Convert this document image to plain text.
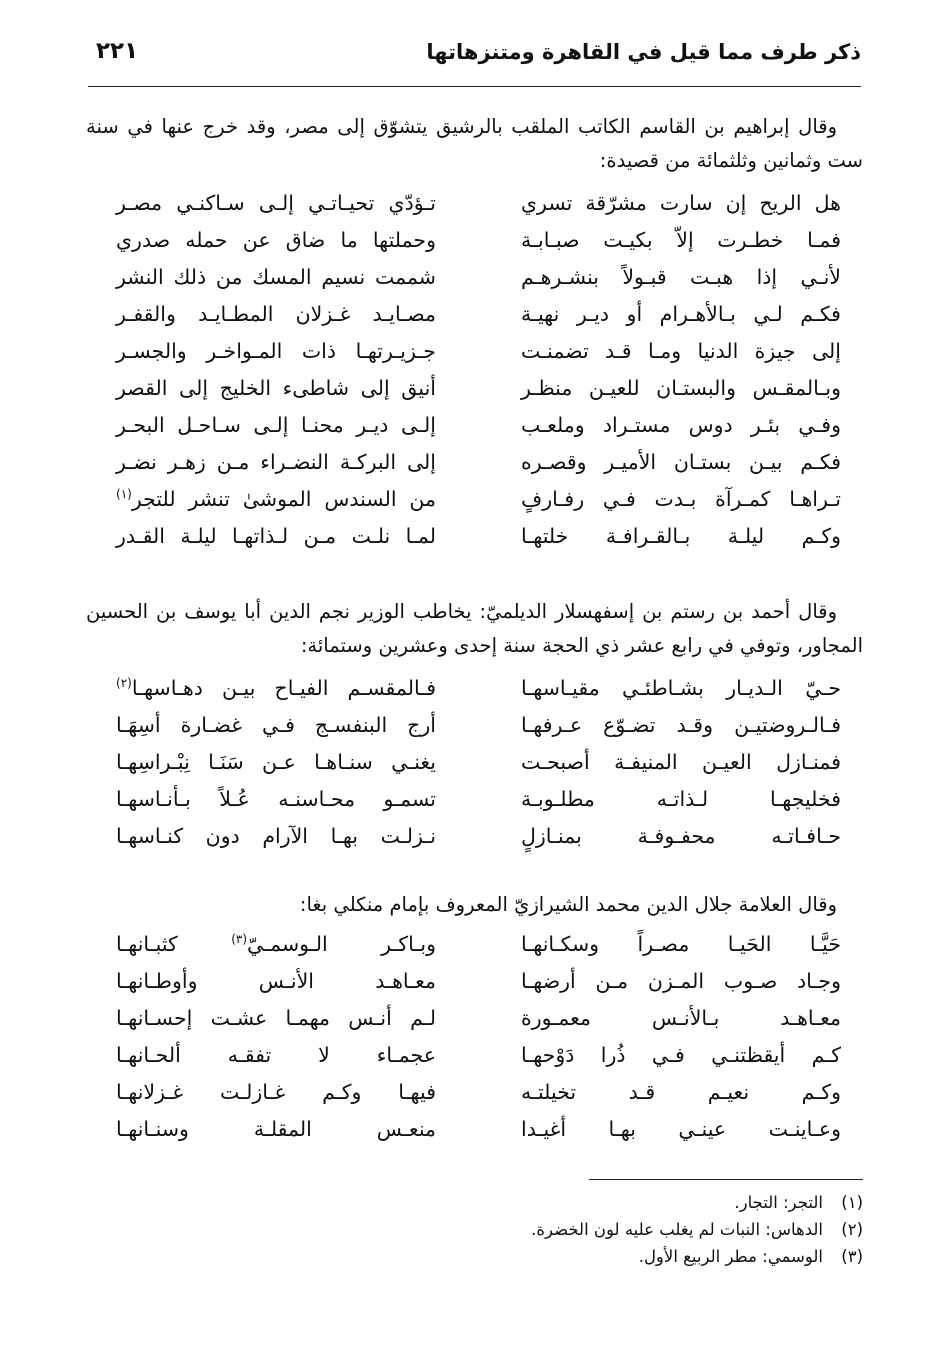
ذكر طرف مما قيل في القاهرة ومتنزهاتها
٢٢١
وقال إبراهيم بن القاسم الكاتب الملقب بالرشيق يتشوّق إلى مصر، وقد خرج عنها في سنة ست وثمانين وثلثمائة من قصيدة:
هل الريح إن سارت مشرّقة تسري
تـؤدّي تحيـاتـي إلـى سـاكنـي مصـر
فمـا خطـرت إلاّ بكيـت صبـابـة
وحملتها ما ضاق عن حمله صدري
لأنـي إذا هبـت قبـولاً بنشـرهـم
شممت نسيم المسك من ذلك النشر
فكـم لـي بـالأهـرام أو ديـر نهيـة
مصـايـد غـزلان المطـايـد والقفـر
إلى جيزة الدنيا ومـا قـد تضمنـت
جـزيـرتهـا ذات المـواخـر والجسـر
وبـالمقـس والبستـان للعيـن منظـر
أنيق إلى شاطىء الخليج إلى القصر
وفـي بئـر دوس مستـراد وملعـب
إلـى ديـر محنـا إلـى سـاحـل البحـر
فكـم بيـن بستـان الأميـر وقصـره
إلى البركـة النضـراء مـن زهـر نضـر
تـراهـا كمـرآة بـدت فـي رفـارفٍ
من السندس الموشىٰ تنشر للتجر$^{(١)}$
وكـم ليلـة بـالقـرافـة خلتهـا
لمـا نلـت مـن لـذاتهـا ليلـة القـدر
وقال أحمد بن رستم بن إسفهسلار الديلميّ: يخاطب الوزير نجم الدين أبا يوسف بن الحسين المجاور، وتوفي في رابع عشر ذي الحجة سنة إحدى وعشرين وستمائة:
حـيّ الـديـار بشـاطئـي مقيـاسهـا
فـالمقسـم الفيـاح بيـن دهـاسهـا$^{(٢)}$
فـالـروضتيـن وقـد تضـوّع عـرفهـا
أرج البنفسـج فـي غضـارة أسِهَـا
فمنـازل العيـن المنيفـة أصبحـت
يغنـي سنـاهـا عـن سَنَـا نِبْـراسِهـا
فخليجهـا لـذاتـه مطلـوبـة
تسمـو محـاسنـه عُـلاً بـأنـاسهـا
حـافـاتـه محفـوفـة بمنـازلٍ
نـزلـت بهـا الآرام دون كنـاسهـا
وقال العلامة جلال الدين محمد الشيرازيّ المعروف بإمام منكلي بغا:
حَيَّـا الحَيـا مصـراً وسكـانهـا
وبـاكـر الـوسمـيّ$^{(٣)}$ كثبـانهـا
وجـاد صـوب المـزن مـن أرضهـا
معـاهـد الأنـس وأوطـانهـا
معـاهـد بـالأنـس معمـورة
لـم أنـس مهمـا عشـت إحسـانهـا
كـم أيقظتنـي فـي ذُرا دَوْحهـا
عجمـاء لا تفقـه ألحـانهـا
وكـم نعيـم قـد تخيلتـه
فيهـا وكـم غـازلـت غـزلانهـا
وعـاينـت عينـي بهـا أغيـدا
منعـس المقلـة وسنـانهـا
(١)التجر: التجار.
(٢)الدهاس: النبات لم يغلب عليه لون الخضرة.
(٣)الوسمي: مطر الربيع الأول.
